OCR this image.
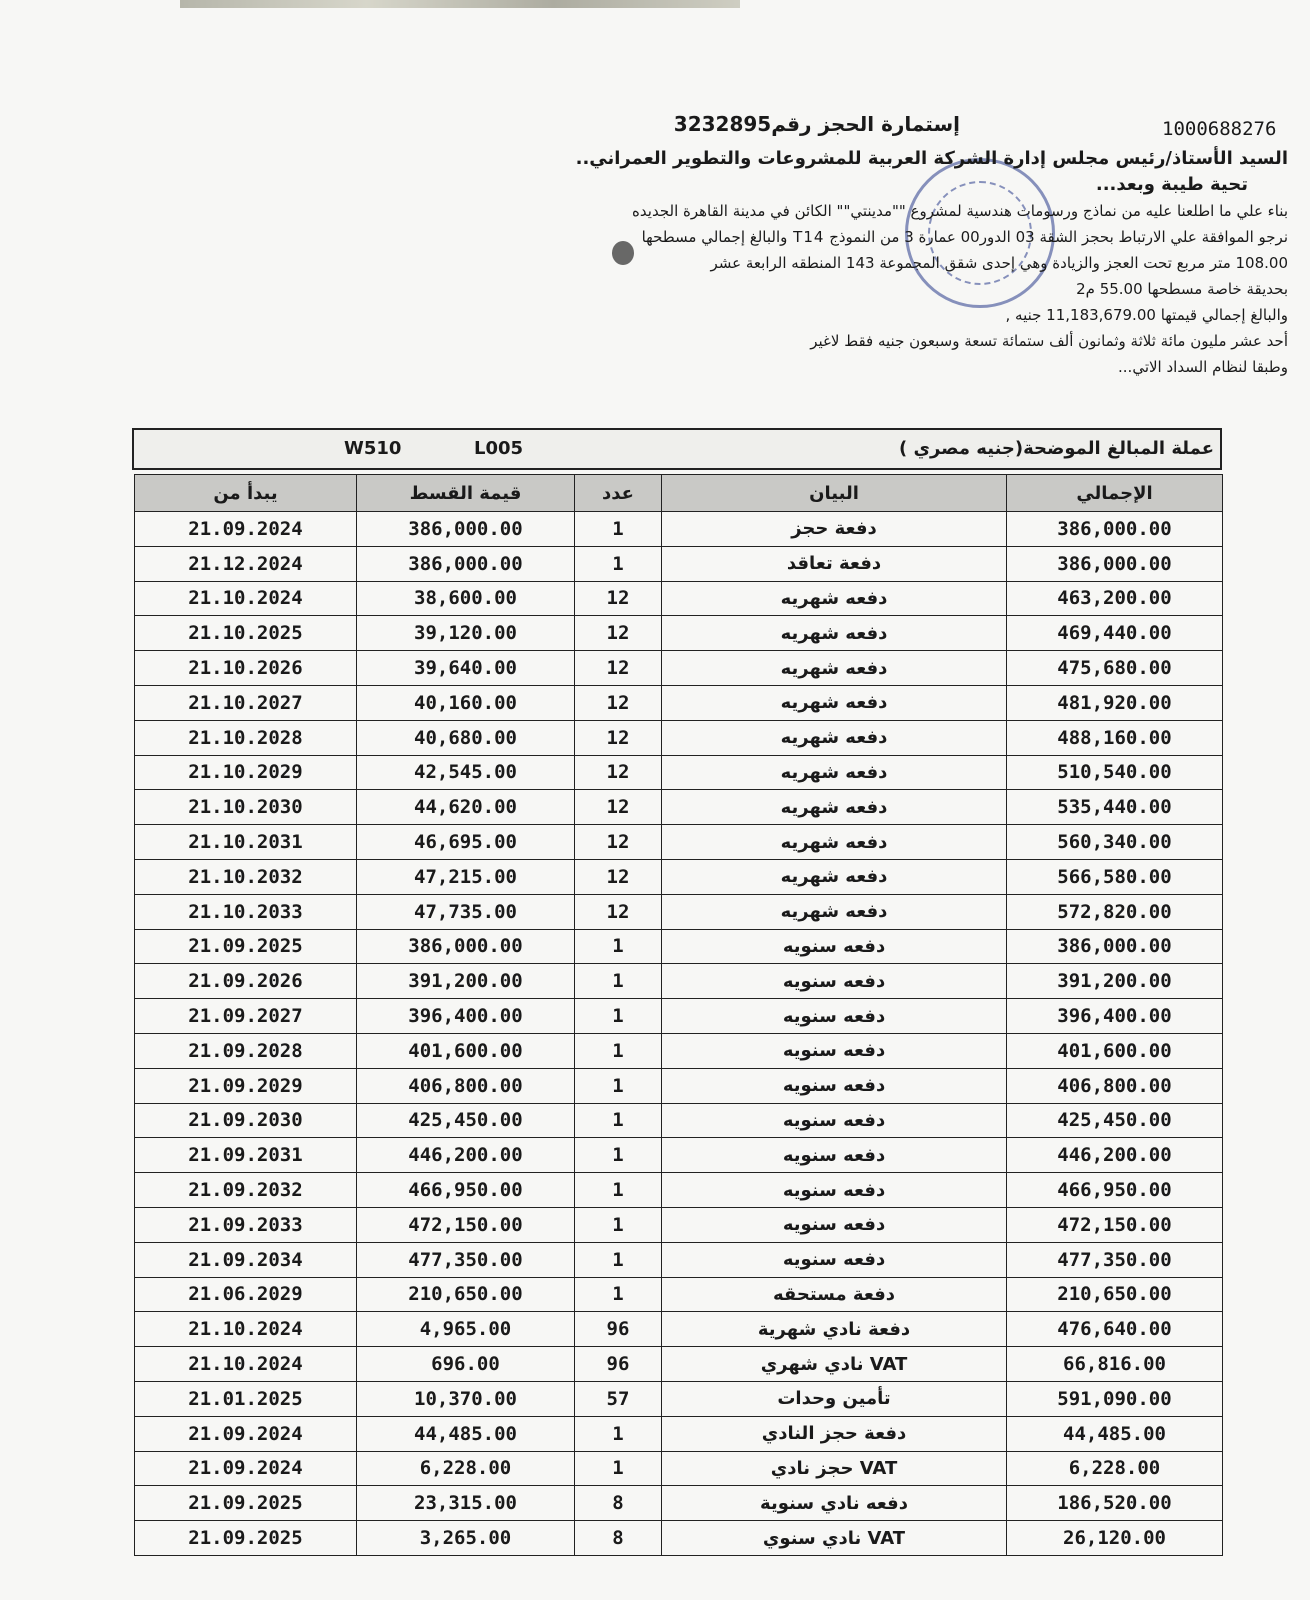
1000688276
إستمارة الحجز رقم3232895
السيد الأستاذ/رئيس مجلس إدارة الشركة العربية للمشروعات والتطوير العمراني..
تحية طيبة وبعد...
بناء علي ما اطلعنا عليه من نماذج ورسومات هندسية لمشروع ""مدينتي"" الكائن في مدينة القاهرة الجديده
نرجو الموافقة علي الارتباط بحجز الشقة 03 الدور00 عمارة 3 من النموذج T14 والبالغ إجمالي مسطحها
108.00 متر مربع تحت العجز والزيادة وهي إحدى شقق المجموعة 143 المنطقه الرابعة عشر
بحديقة خاصة مسطحها 55.00 م2
والبالغ إجمالي قيمتها 11,183,679.00 جنيه ,
أحد عشر مليون مائة ثلاثة وثمانون ألف ستمائة تسعة وسبعون جنيه فقط لاغير
وطبقا لنظام السداد الاتي...
عملة المبالغ الموضحة(جنيه مصري )
L005
W510
يبدأ من	قيمة القسط	عدد	البيان	الإجمالي
21.09.2024	386,000.00	1	دفعة حجز	386,000.00
21.12.2024	386,000.00	1	دفعة تعاقد	386,000.00
21.10.2024	38,600.00	12	دفعه شهريه	463,200.00
21.10.2025	39,120.00	12	دفعه شهريه	469,440.00
21.10.2026	39,640.00	12	دفعه شهريه	475,680.00
21.10.2027	40,160.00	12	دفعه شهريه	481,920.00
21.10.2028	40,680.00	12	دفعه شهريه	488,160.00
21.10.2029	42,545.00	12	دفعه شهريه	510,540.00
21.10.2030	44,620.00	12	دفعه شهريه	535,440.00
21.10.2031	46,695.00	12	دفعه شهريه	560,340.00
21.10.2032	47,215.00	12	دفعه شهريه	566,580.00
21.10.2033	47,735.00	12	دفعه شهريه	572,820.00
21.09.2025	386,000.00	1	دفعه سنويه	386,000.00
21.09.2026	391,200.00	1	دفعه سنويه	391,200.00
21.09.2027	396,400.00	1	دفعه سنويه	396,400.00
21.09.2028	401,600.00	1	دفعه سنويه	401,600.00
21.09.2029	406,800.00	1	دفعه سنويه	406,800.00
21.09.2030	425,450.00	1	دفعه سنويه	425,450.00
21.09.2031	446,200.00	1	دفعه سنويه	446,200.00
21.09.2032	466,950.00	1	دفعه سنويه	466,950.00
21.09.2033	472,150.00	1	دفعه سنويه	472,150.00
21.09.2034	477,350.00	1	دفعه سنويه	477,350.00
21.06.2029	210,650.00	1	دفعة مستحقه	210,650.00
21.10.2024	4,965.00	96	دفعة نادي شهرية	476,640.00
21.10.2024	696.00	96	VAT نادي شهري	66,816.00
21.01.2025	10,370.00	57	تأمين وحدات	591,090.00
21.09.2024	44,485.00	1	دفعة حجز النادي	44,485.00
21.09.2024	6,228.00	1	VAT حجز نادي	6,228.00
21.09.2025	23,315.00	8	دفعه نادي سنوية	186,520.00
21.09.2025	3,265.00	8	VAT نادي سنوي	26,120.00
